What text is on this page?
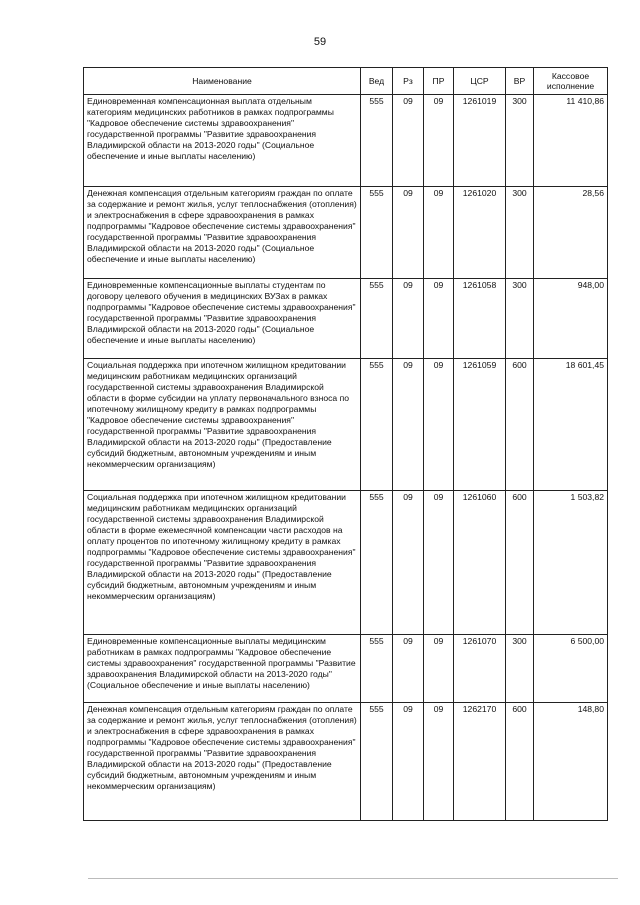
59
Наименование	Вед	Рз	ПР	ЦСР	ВР	Кассовое исполнение
Единовременная компенсационная выплата отдельным категориям медицинских работников в рамках подпрограммы "Кадровое обеспечение системы здравоохранения" государственной программы "Развитие здравоохранения Владимирской области на 2013-2020 годы" (Социальное обеспечение и иные выплаты населению)	555	09	09	1261019	300	11 410,86
Денежная компенсация отдельным категориям граждан по оплате за содержание и ремонт жилья, услуг теплоснабжения (отопления) и электроснабжения в сфере здравоохранения в рамках подпрограммы "Кадровое обеспечение системы здравоохранения" государственной программы "Развитие здравоохранения Владимирской области на 2013-2020 годы" (Социальное обеспечение и иные выплаты населению)	555	09	09	1261020	300	28,56
Единовременные компенсационные выплаты студентам по договору целевого обучения в медицинских ВУЗах в рамках подпрограммы "Кадровое обеспечение системы здравоохранения" государственной программы "Развитие здравоохранения Владимирской области на 2013-2020 годы" (Социальное обеспечение и иные выплаты населению)	555	09	09	1261058	300	948,00
Социальная поддержка при ипотечном жилищном кредитовании медицинским работникам медицинских организаций государственной системы здравоохранения Владимирской области в форме субсидии на уплату первоначального взноса по ипотечному жилищному кредиту в рамках подпрограммы "Кадровое обеспечение системы здравоохранения" государственной программы "Развитие здравоохранения Владимирской области на 2013-2020 годы" (Предоставление субсидий бюджетным, автономным учреждениям и иным некоммерческим организациям)	555	09	09	1261059	600	18 601,45
Социальная поддержка при ипотечном жилищном кредитовании медицинским работникам медицинских организаций государственной системы здравоохранения Владимирской области в форме ежемесячной компенсации части расходов на оплату процентов по ипотечному жилищному кредиту в рамках подпрограммы "Кадровое обеспечение системы здравоохранения" государственной программы "Развитие здравоохранения Владимирской области на 2013-2020 годы" (Предоставление субсидий бюджетным, автономным учреждениям и иным некоммерческим организациям)	555	09	09	1261060	600	1 503,82
Единовременные компенсационные выплаты медицинским работникам в рамках подпрограммы "Кадровое обеспечение системы здравоохранения" государственной программы "Развитие здравоохранения Владимирской области на 2013-2020 годы" (Социальное обеспечение и иные выплаты населению)	555	09	09	1261070	300	6 500,00
Денежная компенсация отдельным категориям граждан по оплате за содержание и ремонт жилья, услуг теплоснабжения (отопления) и электроснабжения в сфере здравоохранения в рамках подпрограммы "Кадровое обеспечение системы здравоохранения" государственной программы "Развитие здравоохранения Владимирской области на 2013-2020 годы" (Предоставление субсидий бюджетным, автономным учреждениям и иным некоммерческим организациям)	555	09	09	1262170	600	148,80
